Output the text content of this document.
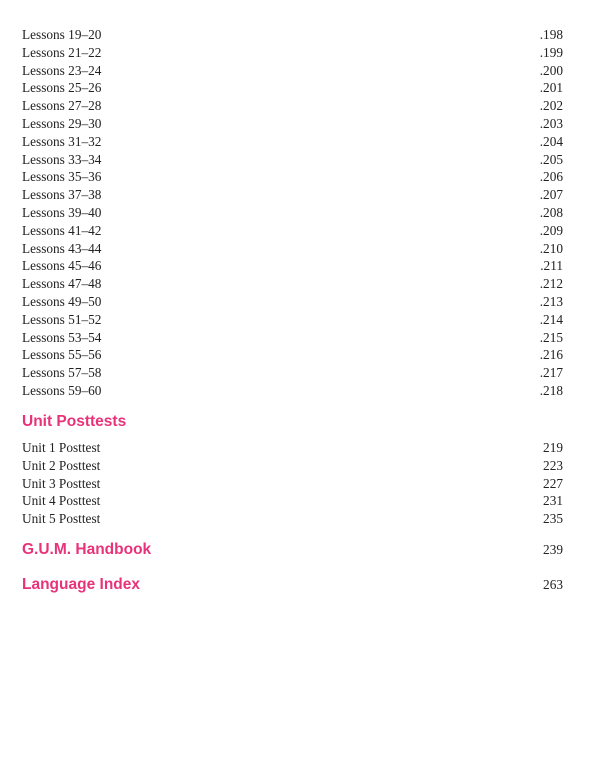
Lessons 19–20	.198
Lessons 21–22	.199
Lessons 23–24	.200
Lessons 25–26	.201
Lessons 27–28	.202
Lessons 29–30	.203
Lessons 31–32	.204
Lessons 33–34	.205
Lessons 35–36	.206
Lessons 37–38	.207
Lessons 39–40	.208
Lessons 41–42	.209
Lessons 43–44	.210
Lessons 45–46	.211
Lessons 47–48	.212
Lessons 49–50	.213
Lessons 51–52	.214
Lessons 53–54	.215
Lessons 55–56	.216
Lessons 57–58	.217
Lessons 59–60	.218
Unit Posttests
Unit 1 Posttest	219
Unit 2 Posttest	223
Unit 3 Posttest	227
Unit 4 Posttest	231
Unit 5 Posttest	235
G.U.M. Handbook	239
Language Index	263
